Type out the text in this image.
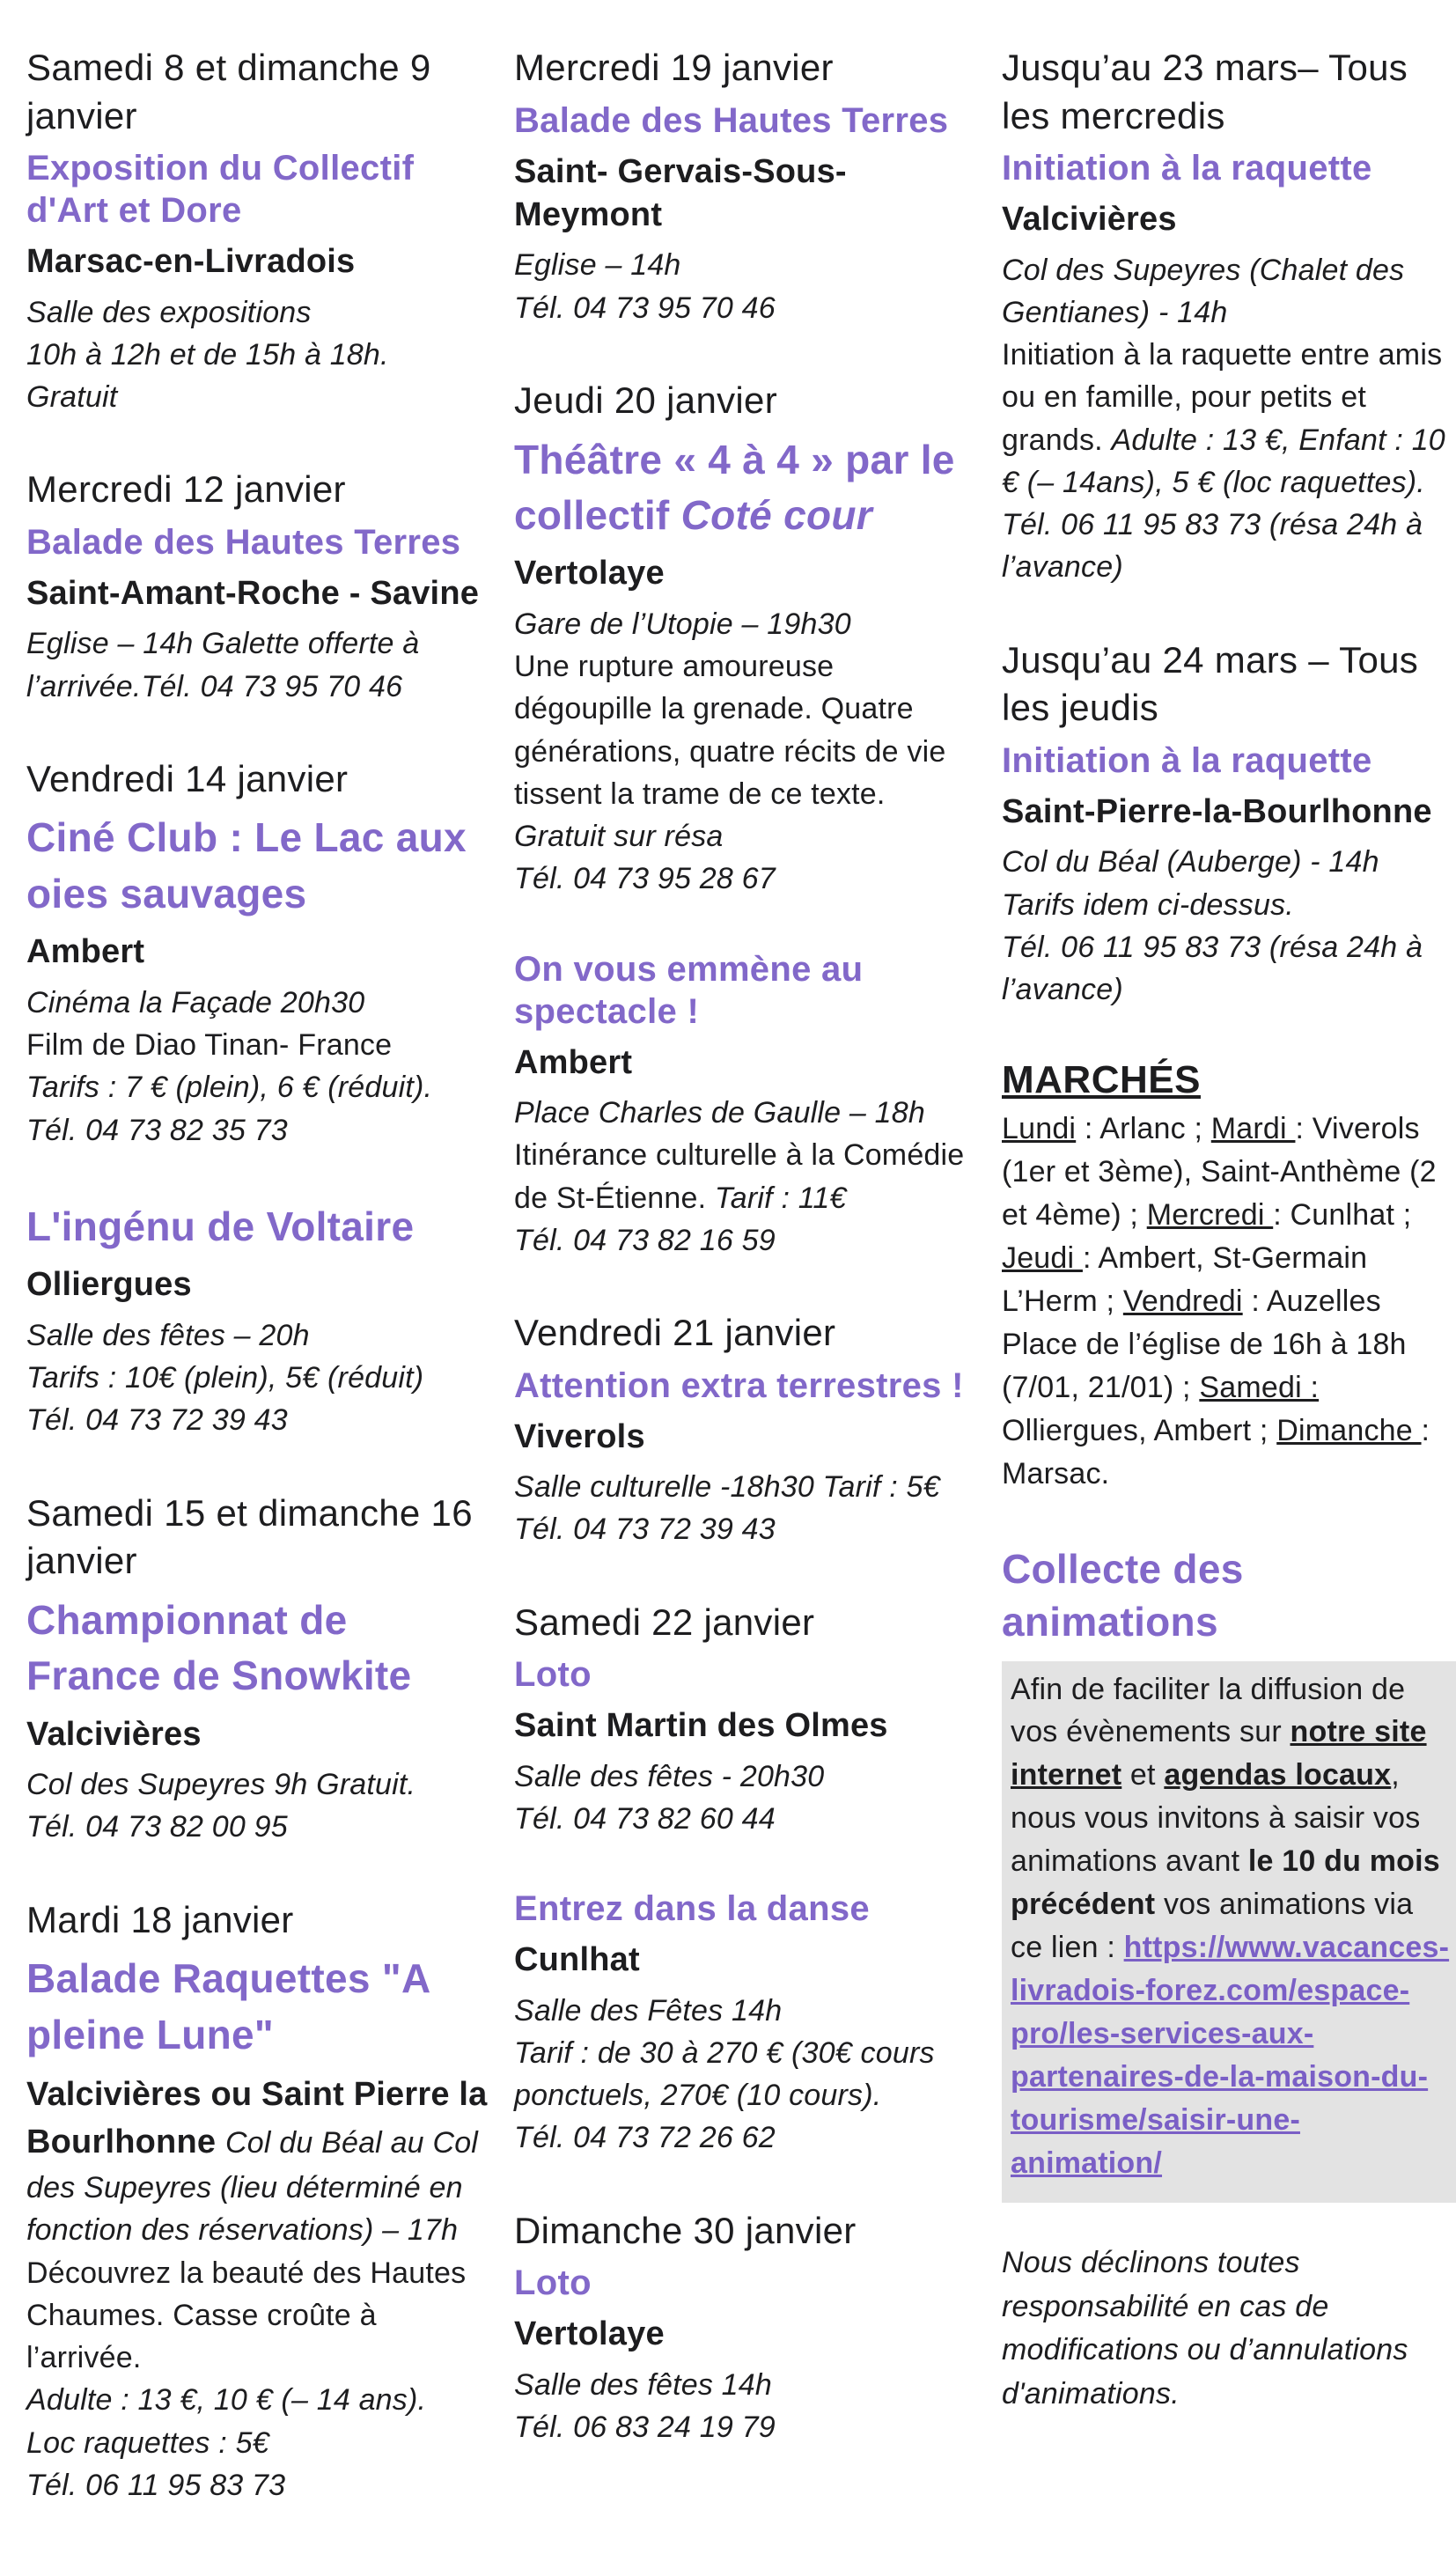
Samedi 8 et dimanche 9 janvier
Exposition du Collectif d'Art et Dore
Marsac-en-Livradois

Salle des expositions

10h à 12h et de 15h à 18h. Gratuit

Mercredi 12 janvier
Balade des Hautes Terres
Saint-Amant-Roche - Savine

Eglise – 14h Galette offerte à l’arrivée.Tél. 04 73 95 70 46

Vendredi 14 janvier
Ciné Club : Le Lac aux oies sauvages
Ambert

Cinéma la Façade 20h30

Film de Diao Tinan- France

Tarifs : 7 € (plein), 6 € (réduit).

Tél. 04 73 82 35 73

L'ingénu de Voltaire
Olliergues

Salle des fêtes – 20h

Tarifs : 10€ (plein), 5€ (réduit)

Tél. 04 73 72 39 43

Samedi 15 et dimanche 16 janvier
Championnat de France de Snowkite
Valcivières

Col des Supeyres 9h Gratuit.

Tél. 04 73 82 00 95

Mardi 18 janvier
Balade Raquettes "A pleine Lune"

Valcivières ou Saint Pierre la Bourlhonne Col du Béal au Col des Supeyres (lieu déterminé en fonction des réservations) – 17h

Découvrez la beauté des Hautes Chaumes. Casse croûte à l’arrivée.

Adulte : 13 €, 10 € (– 14 ans).

Loc raquettes : 5€

Tél. 06 11 95 83 73

Mercredi 19 janvier
Balade des Hautes Terres
Saint- Gervais-Sous-Meymont

Eglise – 14h

Tél. 04 73 95 70 46

Jeudi 20 janvier
Théâtre « 4 à 4 » par le collectif Coté cour
Vertolaye

Gare de l’Utopie – 19h30

Une rupture amoureuse dégoupille la grenade. Quatre générations, quatre récits de vie tissent la trame de ce texte. Gratuit sur résa

Tél. 04 73 95 28 67

On vous emmène au spectacle !
Ambert

Place Charles de Gaulle – 18h

Itinérance culturelle à la Comédie de St-Étienne. Tarif : 11€

Tél. 04 73 82 16 59

Vendredi 21 janvier
Attention extra terrestres !
Viverols

Salle culturelle -18h30 Tarif : 5€

Tél. 04 73 72 39 43

Samedi 22 janvier
Loto
Saint Martin des Olmes

Salle des fêtes - 20h30

Tél. 04 73 82 60 44

Entrez dans la danse
Cunlhat

Salle des Fêtes 14h

Tarif : de 30 à 270 € (30€ cours ponctuels, 270€ (10 cours).

Tél. 04 73 72 26 62

Dimanche 30 janvier
Loto
Vertolaye

Salle des fêtes 14h

Tél. 06 83 24 19 79

Jusqu’au 23 mars– Tous les mercredis
Initiation à la raquette
Valcivières

Col des Supeyres (Chalet des Gentianes) - 14h

Initiation à la raquette entre amis ou en famille, pour petits et grands. Adulte : 13 €, Enfant : 10 € (– 14ans), 5 € (loc raquettes). Tél. 06 11 95 83 73 (résa 24h à l’avance)

Jusqu’au 24 mars – Tous les jeudis
Initiation à la raquette
Saint-Pierre-la-Bourlhonne

Col du Béal (Auberge) - 14h

Tarifs idem ci-dessus.

Tél. 06 11 95 83 73 (résa 24h à l’avance)

MARCHÉS

Lundi : Arlanc ; Mardi : Viverols (1er et 3ème), Saint-Anthème (2 et 4ème) ; Mercredi : Cunlhat ; Jeudi : Ambert, St-Germain L’Herm ; Vendredi : Auzelles Place de l’église de 16h à 18h (7/01, 21/01) ; Samedi : Olliergues, Ambert ; Dimanche : Marsac.

Collecte des animations
Afin de faciliter la diffusion de vos évènements sur notre site internet et agendas locaux, nous vous invitons à saisir vos animations avant le 10 du mois précédent vos animations via ce lien : https://www.vacances-livradois-forez.com/espace-pro/les-services-aux-partenaires-de-la-maison-du-tourisme/saisir-une-animation/

Nous déclinons toutes responsabilité en cas de modifications ou d’annulations d'animations.
